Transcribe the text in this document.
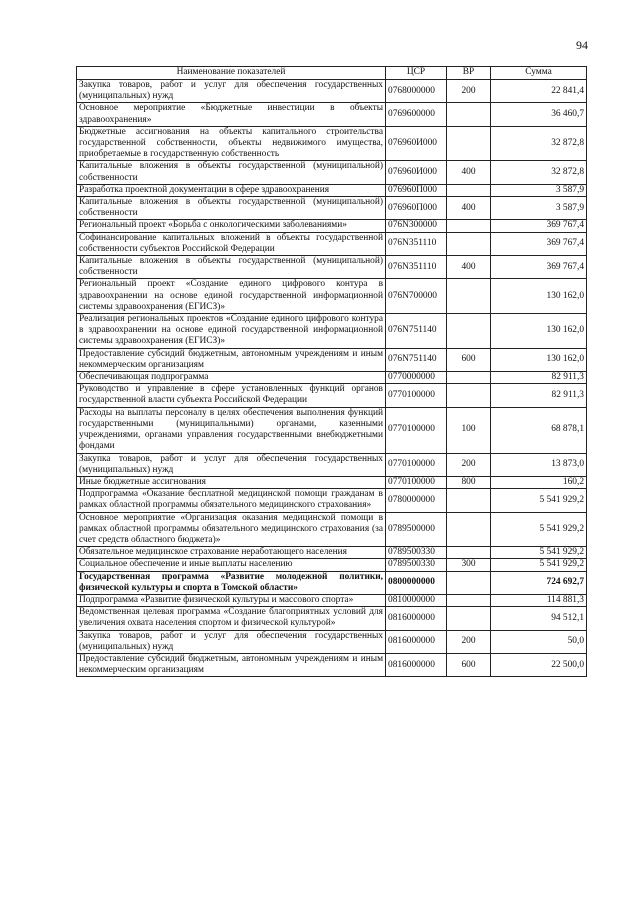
94
Наименование показателей	ЦСР	ВР	Сумма
Закупка товаров, работ и услуг для обеспечения государственных (муниципальных) нужд	0768000000	200	22 841,4
Основное мероприятие «Бюджетные инвестиции в объекты здравоохранения»	0769600000		36 460,7
Бюджетные ассигнования на объекты капитального строительства государственной собственности, объекты недвижимого имущества, приобретаемые в государственную собственность	076960И000		32 872,8
Капитальные вложения в объекты государственной (муниципальной) собственности	076960И000	400	32 872,8
Разработка проектной документации в сфере здравоохранения	076960П000		3 587,9
Капитальные вложения в объекты государственной (муниципальной) собственности	076960П000	400	3 587,9
Региональный проект «Борьба с онкологическими заболеваниями»	076N300000		369 767,4
Софинансирование капитальных вложений в объекты государственной собственности субъектов Российской Федерации	076N351110		369 767,4
Капитальные вложения в объекты государственной (муниципальной) собственности	076N351110	400	369 767,4
Региональный проект «Создание единого цифрового контура в здравоохранении на основе единой государственной информационной системы здравоохранения (ЕГИСЗ)»	076N700000		130 162,0
Реализация региональных проектов «Создание единого цифрового контура в здравоохранении на основе единой государственной информационной системы здравоохранения (ЕГИСЗ)»	076N751140		130 162,0
Предоставление субсидий бюджетным, автономным учреждениям и иным некоммерческим организациям	076N751140	600	130 162,0
Обеспечивающая подпрограмма	0770000000		82 911,3
Руководство и управление в сфере установленных функций органов государственной власти субъекта Российской Федерации	0770100000		82 911,3
Расходы на выплаты персоналу в целях обеспечения выполнения функций государственными (муниципальными) органами, казенными учреждениями, органами управления государственными внебюджетными фондами	0770100000	100	68 878,1
Закупка товаров, работ и услуг для обеспечения государственных (муниципальных) нужд	0770100000	200	13 873,0
Иные бюджетные ассигнования	0770100000	800	160,2
Подпрограмма «Оказание бесплатной медицинской помощи гражданам в рамках областной программы обязательного медицинского страхования»	0780000000		5 541 929,2
Основное мероприятие «Организация оказания медицинской помощи в рамках областной программы обязательного медицинского страхования (за счет средств областного бюджета)»	0789500000		5 541 929,2
Обязательное медицинское страхование неработающего населения	0789500330		5 541 929,2
Социальное обеспечение и иные выплаты населению	0789500330	300	5 541 929,2
Государственная программа «Развитие молодежной политики, физической культуры и спорта в Томской области»	0800000000		724 692,7
Подпрограмма «Развитие физической культуры и массового спорта»	0810000000		114 881,3
Ведомственная целевая программа «Создание благоприятных условий для увеличения охвата населения спортом и физической культурой»	0816000000		94 512,1
Закупка товаров, работ и услуг для обеспечения государственных (муниципальных) нужд	0816000000	200	50,0
Предоставление субсидий бюджетным, автономным учреждениям и иным некоммерческим организациям	0816000000	600	22 500,0
